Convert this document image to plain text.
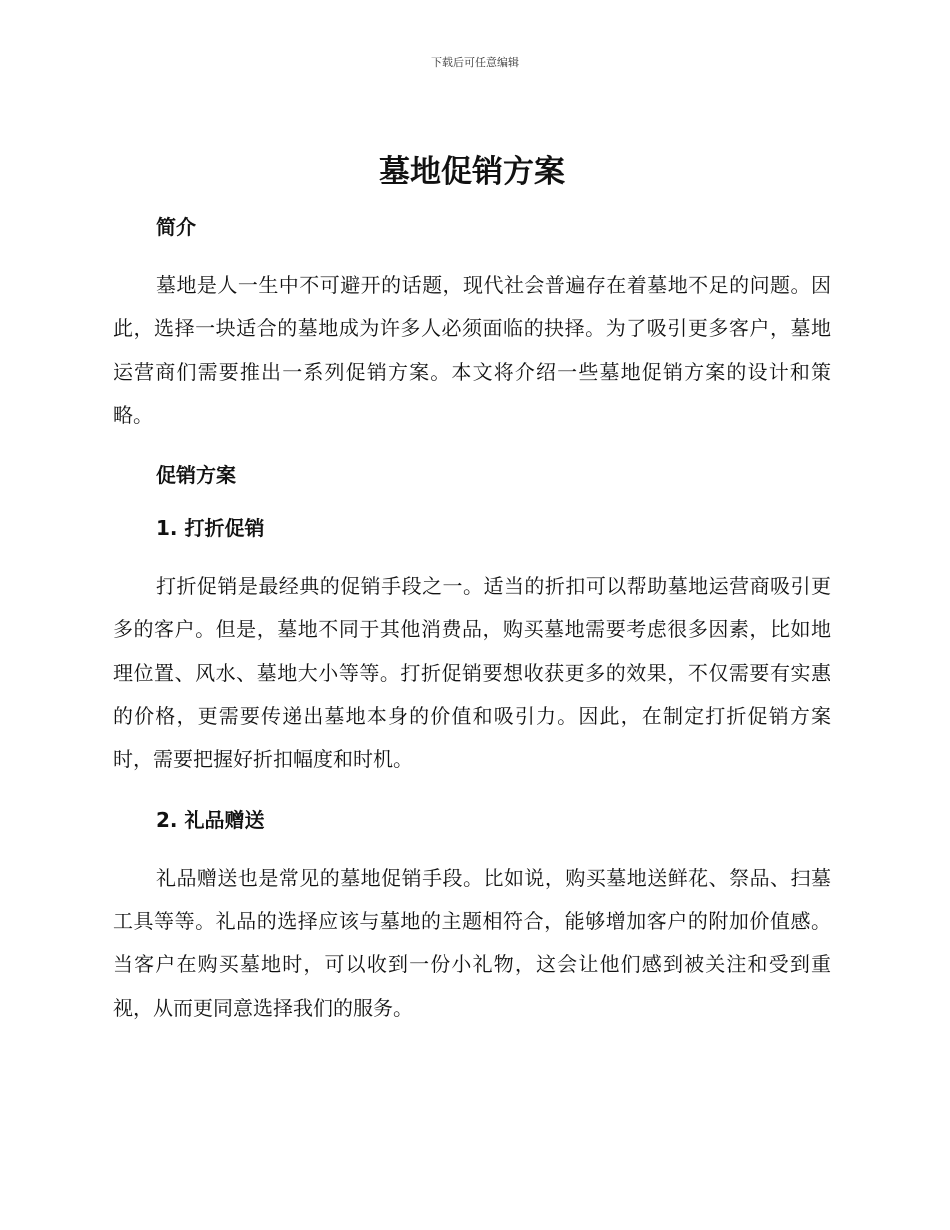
下载后可任意编辑
墓地促销方案
简介

墓地是人一生中不可避开的话题，现代社会普遍存在着墓地不足的问题。因此，选择一块适合的墓地成为许多人必须面临的抉择。为了吸引更多客户，墓地运营商们需要推出一系列促销方案。本文将介绍一些墓地促销方案的设计和策略。

促销方案
1. 打折促销

打折促销是最经典的促销手段之一。适当的折扣可以帮助墓地运营商吸引更多的客户。但是，墓地不同于其他消费品，购买墓地需要考虑很多因素，比如地理位置、风水、墓地大小等等。打折促销要想收获更多的效果，不仅需要有实惠的价格，更需要传递出墓地本身的价值和吸引力。因此，在制定打折促销方案时，需要把握好折扣幅度和时机。

2. 礼品赠送

礼品赠送也是常见的墓地促销手段。比如说，购买墓地送鲜花、祭品、扫墓工具等等。礼品的选择应该与墓地的主题相符合，能够增加客户的附加价值感。当客户在购买墓地时，可以收到一份小礼物，这会让他们感到被关注和受到重视，从而更同意选择我们的服务。
